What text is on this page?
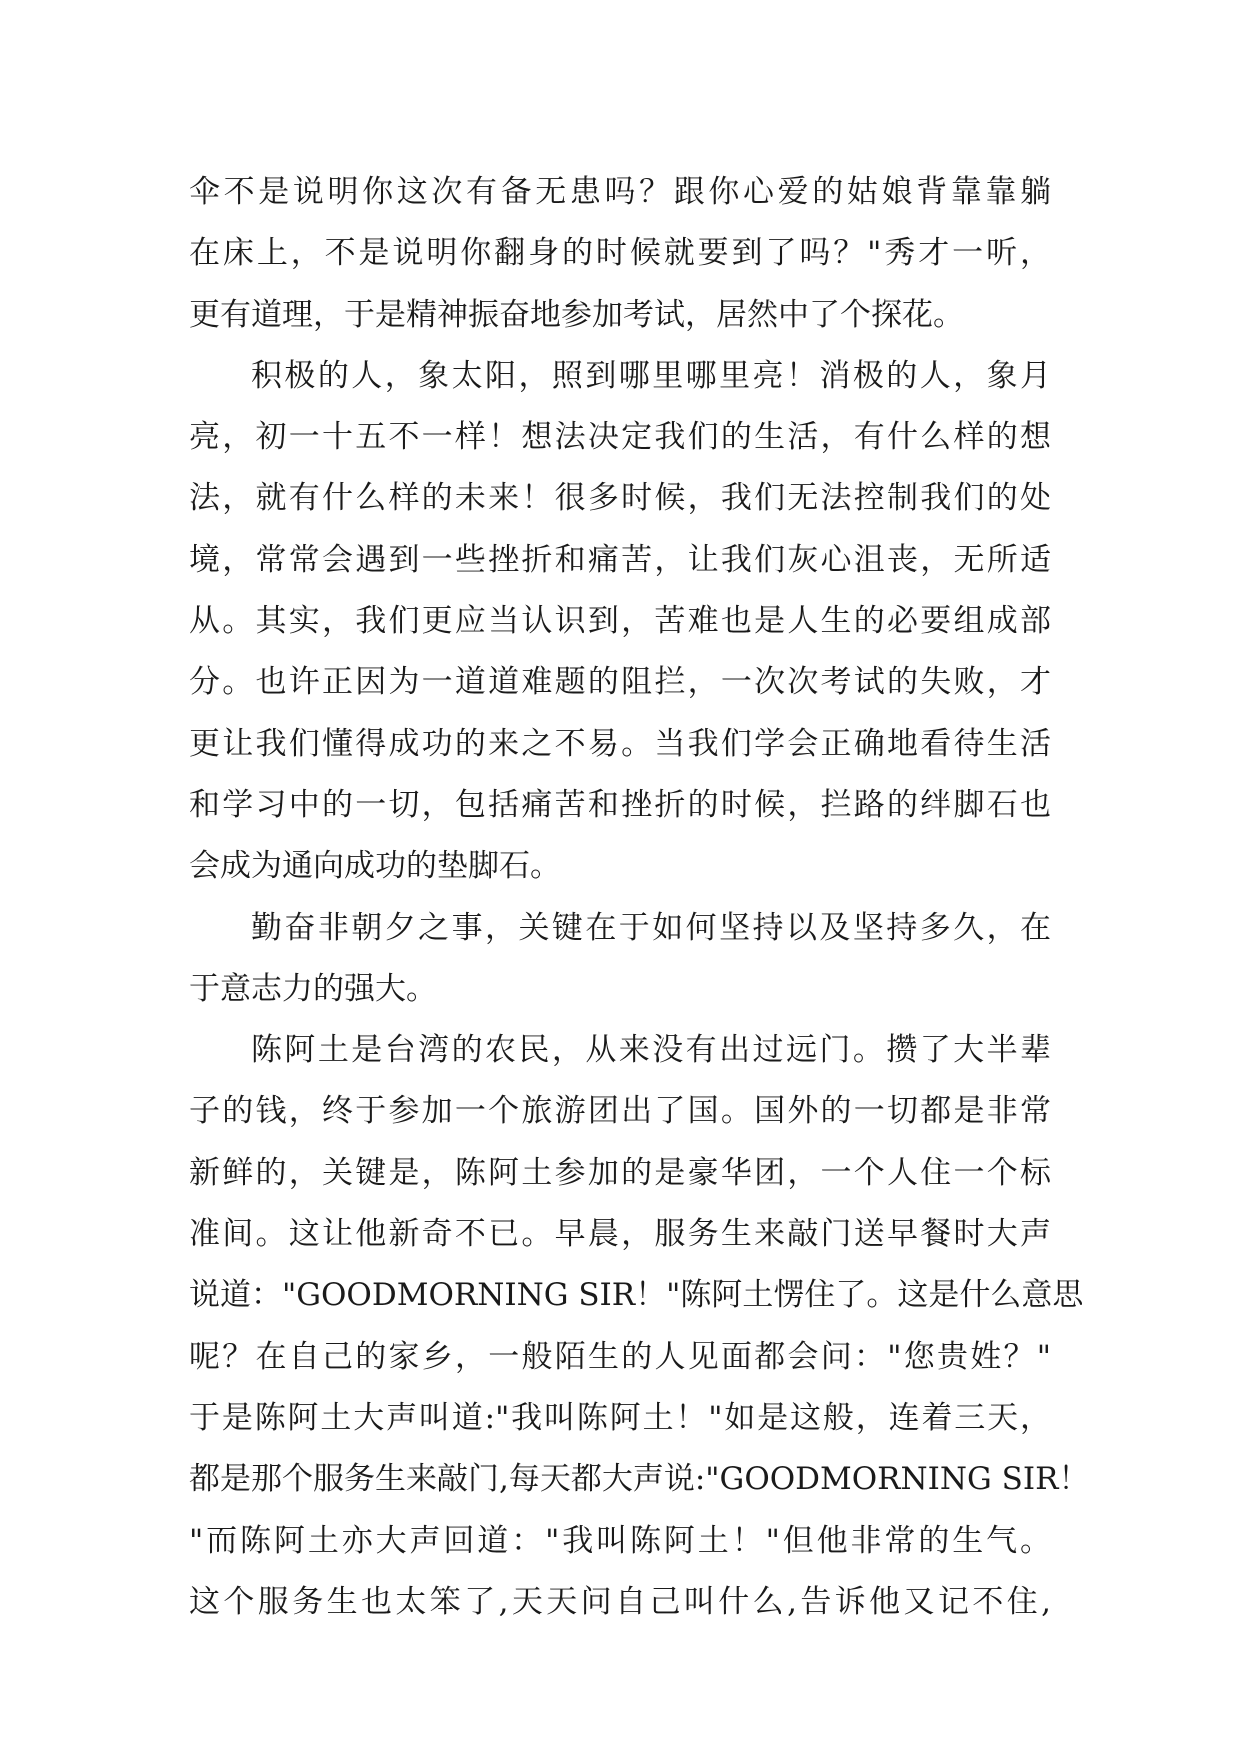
伞不是说明你这次有备无患吗？跟你心爱的姑娘背靠靠躺
在床上，不是说明你翻身的时候就要到了吗？"秀才一听，
更有道理，于是精神振奋地参加考试，居然中了个探花。
积极的人，象太阳，照到哪里哪里亮！消极的人，象月
亮，初一十五不一样！想法决定我们的生活，有什么样的想
法，就有什么样的未来！很多时候，我们无法控制我们的处
境，常常会遇到一些挫折和痛苦，让我们灰心沮丧，无所适
从。其实，我们更应当认识到，苦难也是人生的必要组成部
分。也许正因为一道道难题的阻拦，一次次考试的失败，才
更让我们懂得成功的来之不易。当我们学会正确地看待生活
和学习中的一切，包括痛苦和挫折的时候，拦路的绊脚石也
会成为通向成功的垫脚石。
勤奋非朝夕之事，关键在于如何坚持以及坚持多久，在
于意志力的强大。
陈阿土是台湾的农民，从来没有出过远门。攒了大半辈
子的钱，终于参加一个旅游团出了国。国外的一切都是非常
新鲜的，关键是，陈阿土参加的是豪华团，一个人住一个标
准间。这让他新奇不已。早晨，服务生来敲门送早餐时大声
说道："GOODMORNING SIR！"陈阿土愣住了。这是什么意思
呢？在自己的家乡，一般陌生的人见面都会问："您贵姓？"
于是陈阿土大声叫道:"我叫陈阿土！"如是这般，连着三天，
都是那个服务生来敲门,每天都大声说:"GOODMORNING SIR！
"而陈阿土亦大声回道："我叫陈阿土！"但他非常的生气。
这个服务生也太笨了,天天问自己叫什么,告诉他又记不住,
